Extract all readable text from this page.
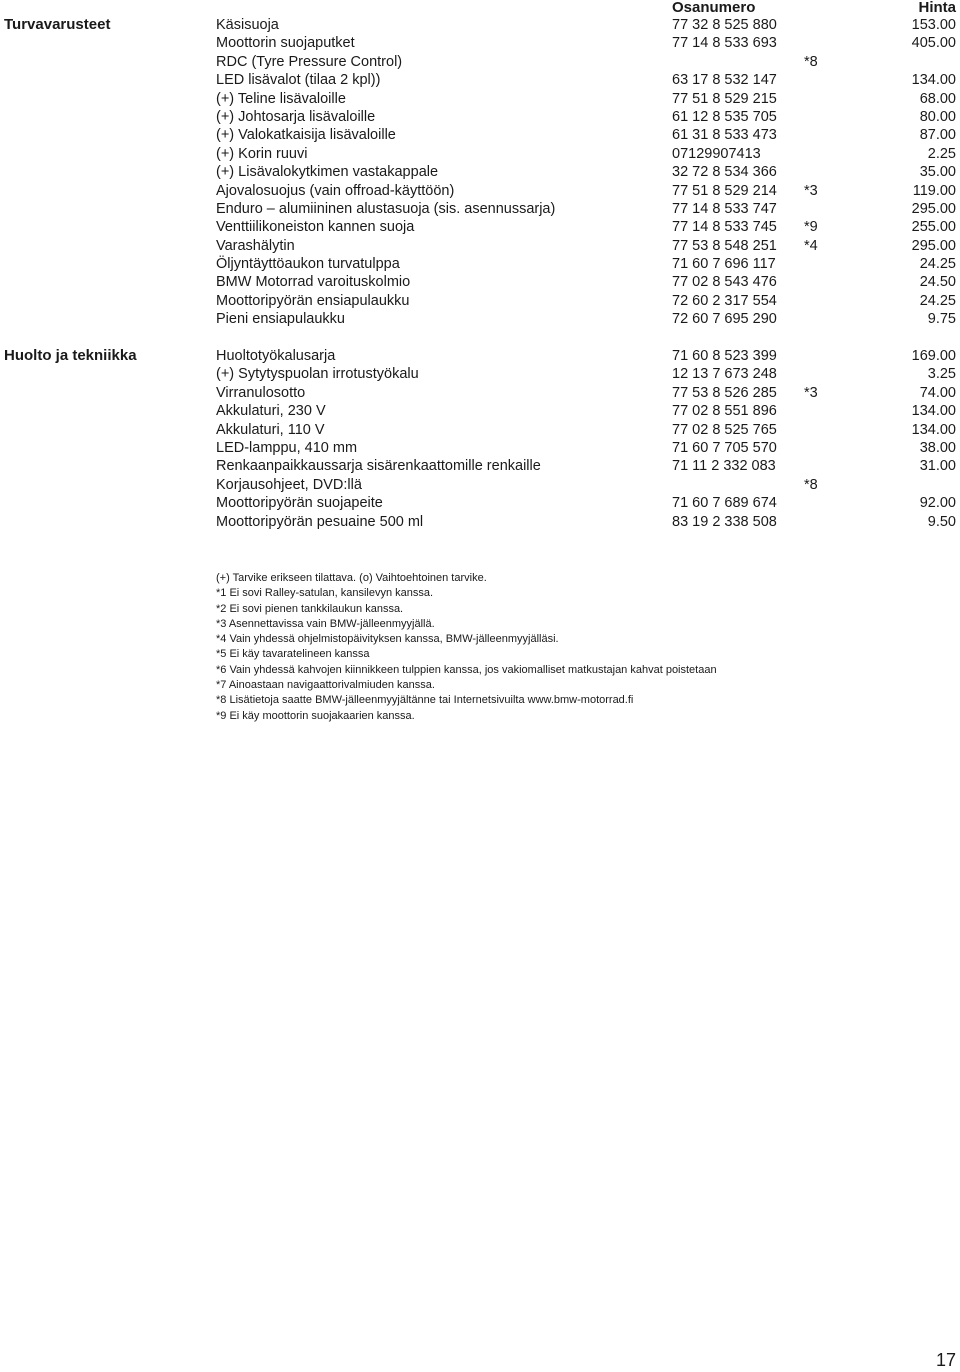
Osanumero	Hinta
Turvavarusteet	Käsisuoja	77 32 8 525 880	153.00
Moottorin suojaputket	77 14 8 533 693	405.00
RDC (Tyre Pressure Control)	*8
LED lisävalot (tilaa 2 kpl))	63 17 8 532 147	134.00
(+) Teline lisävaloille	77 51 8 529 215	68.00
(+) Johtosarja lisävaloille	61 12 8 535 705	80.00
(+) Valokatkaisija lisävaloille	61 31 8 533 473	87.00
(+) Korin ruuvi	07129907413	2.25
(+) Lisävalokytkimen vastakappale	32 72 8 534 366	35.00
Ajovalosuojus (vain offroad-käyttöön)	77 51 8 529 214 *3	119.00
Enduro – alumiininen alustasuoja (sis. asennussarja)	77 14 8 533 747	295.00
Venttiilikoneiston kannen suoja	77 14 8 533 745 *9	255.00
Varashälytin	77 53 8 548 251 *4	295.00
Öljyntäyttöaukon turvatulppa	71 60 7 696 117	24.25
BMW Motorrad varoituskolmio	77 02 8 543 476	24.50
Moottoripyörän ensiapulaukku	72 60 2 317 554	24.25
Pieni ensiapulaukku	72 60 7 695 290	9.75
Huolto ja tekniikka	Huoltotyökalusarja	71 60 8 523 399	169.00
(+) Sytytyspuolan irrotustyökalu	12 13 7 673 248	3.25
Virranulosotto	77 53 8 526 285 *3	74.00
Akkulaturi, 230 V	77 02 8 551 896	134.00
Akkulaturi, 110 V	77 02 8 525 765	134.00
LED-lamppu, 410 mm	71 60 7 705 570	38.00
Renkaanpaikkaussarja sisärenkaattomille renkaille	71 11 2 332 083	31.00
Korjausohjeet, DVD:llä	*8
Moottoripyörän suojapeite	71 60 7 689 674	92.00
Moottoripyörän pesuaine 500 ml	83 19 2 338 508	9.50
(+) Tarvike erikseen tilattava. (o) Vaihtoehtoinen tarvike.
*1 Ei sovi Ralley-satulan, kansilevyn kanssa.
*2 Ei sovi pienen tankkilaukun kanssa.
*3 Asennettavissa vain BMW-jälleenmyyjällä.
*4 Vain yhdessä ohjelmistopäivityksen kanssa, BMW-jälleenmyyjälläsi.
*5 Ei käy tavaratelineen kanssa
*6 Vain yhdessä kahvojen kiinnikkeen tulppien kanssa, jos vakiomalliset matkustajan kahvat poistetaan
*7 Ainoastaan navigaattorivalmiuden kanssa.
*8 Lisätietoja saatte BMW-jälleenmyyjältänne tai Internetsivuilta www.bmw-motorrad.fi
*9 Ei käy moottorin suojakaarien kanssa.
17
